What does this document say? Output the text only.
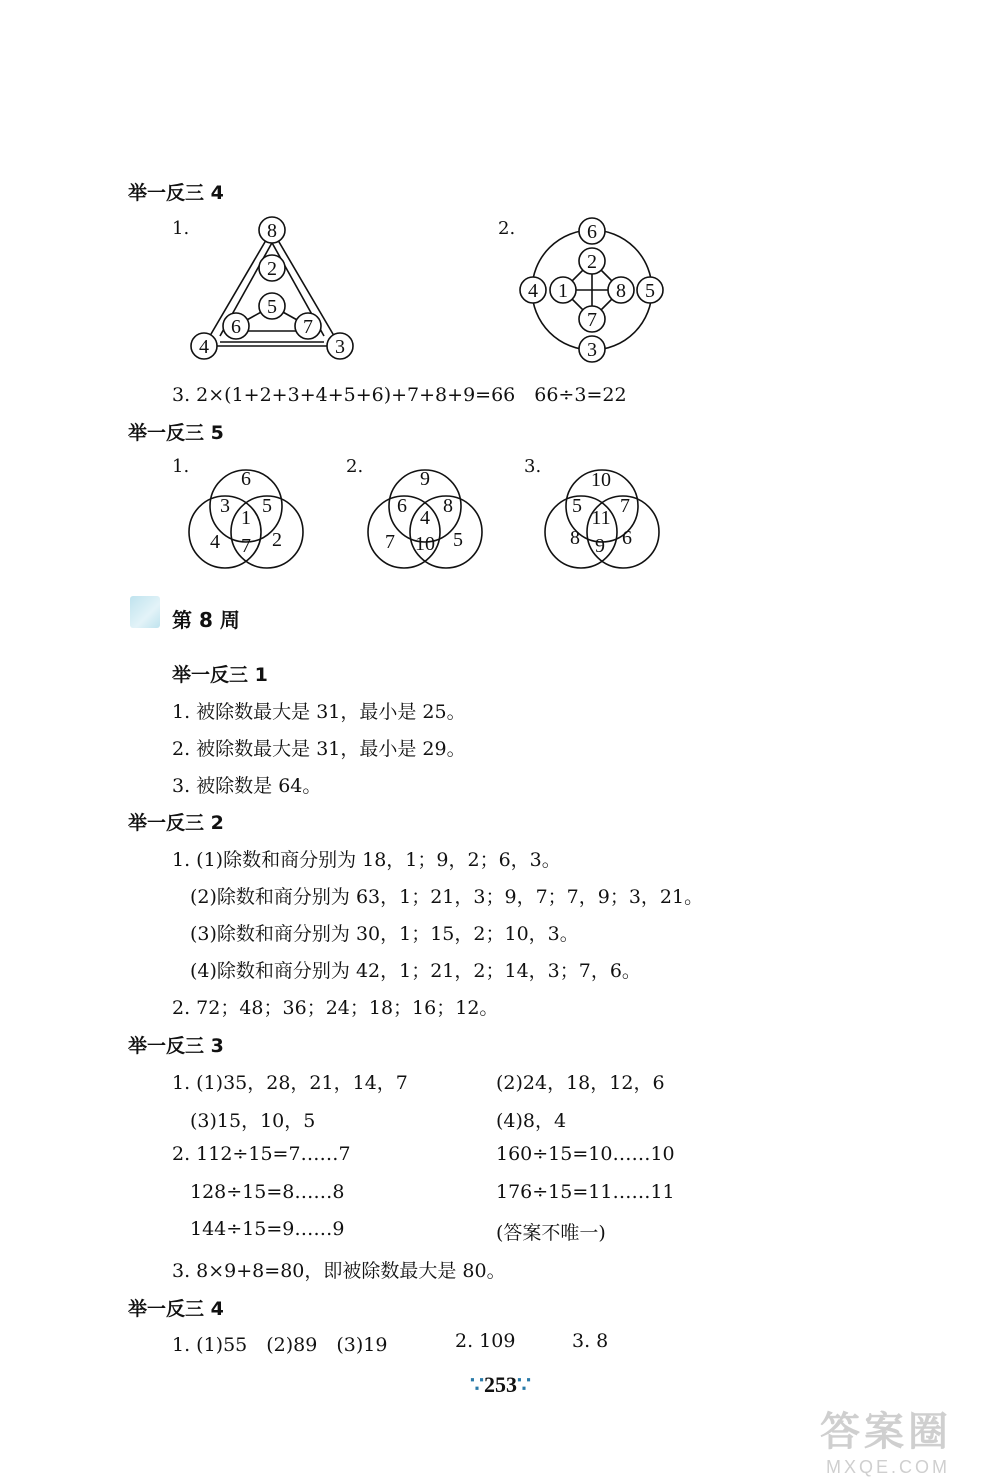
举一反三 4
1.	2.
8
2
5
6	7
4	3
6
2
4 1 8 5
7
3
3. 2×(1+2+3+4+5+6)+7+8+9=66　66÷3=22
举一反三 5
1.
6
3 5
1
4 7 2
2.
9
6 8
4
7 10 5
3.
10
5 7
11
8 9 6
第 8 周
举一反三 1
1. 被除数最大是 31，最小是 25。
2. 被除数最大是 31，最小是 29。
3. 被除数是 64。
举一反三 2
1. (1)除数和商分别为 18，1；9，2；6，3。
(2)除数和商分别为 63，1；21，3；9，7；7，9；3，21。
(3)除数和商分别为 30，1；15，2；10，3。
(4)除数和商分别为 42，1；21，2；14，3；7，6。
2. 72；48；36；24；18；16；12。
举一反三 3
1. (1)35，28，21，14，7	(2)24，18，12，6
(3)15，10，5	(4)8，4
2. 112÷15=7……7	160÷15=10……10
128÷15=8……8	176÷15=11……11
144÷15=9……9	(答案不唯一)
3. 8×9+8=80，即被除数最大是 80。
举一反三 4
1. (1)55　(2)89　(3)19	2. 109	3. 8
∵253∵
答案圈
MXQE.COM
